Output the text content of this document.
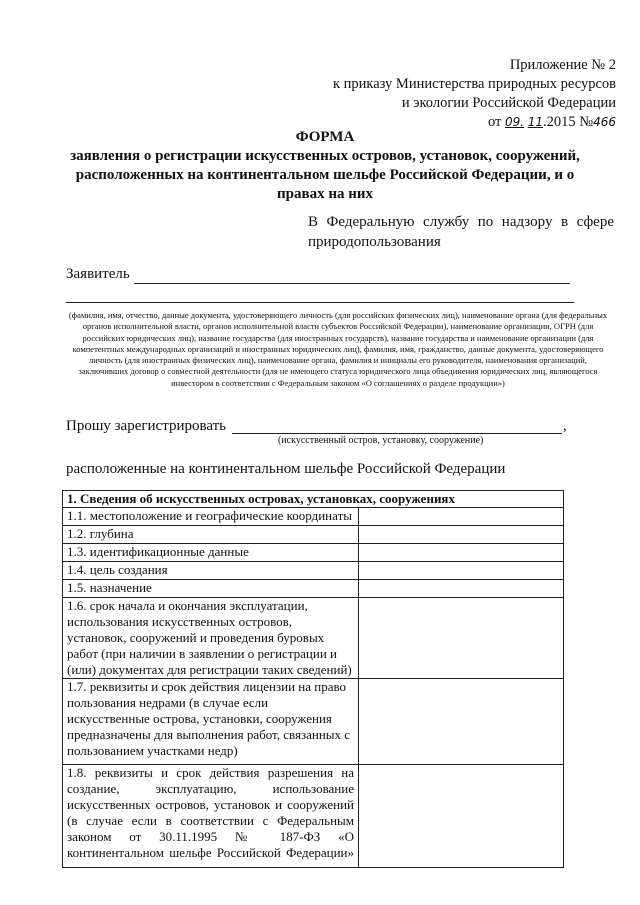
Приложение № 2
к приказу Министерства природных ресурсов
и экологии Российской Федерации
от 09. 11.2015 №466
ФОРМА
заявления о регистрации искусственных островов, установок, сооружений,
расположенных на континентальном шельфе Российской Федерации, и о
правах на них
В Федеральную службу по надзору в сфере природопользования
Заявитель
(фамилия, имя, отчество, данные документа, удостоверяющего личность (для российских физических лиц), наименование органа (для федеральных органов исполнительной власти, органов исполнительной власти субъектов Российской Федерации), наименование организации, ОГРН (для российских юридических лиц), название государства (для иностранных государств), название государства и наименование организации (для компетентных международных организаций и иностранных юридических лиц), фамилия, имя, гражданство, данные документа, удостоверяющего личность (для иностранных физических лиц), наименование органа, фамилия и инициалы его руководителя, наименования организаций, заключивших договор о совместной деятельности (для не имеющего статуса юридического лица объединения юридических лиц, являющегося инвестором в соответствии с Федеральным законом «О соглашениях о разделе продукции»)
Прошу зарегистрировать	,
(искусственный остров, установку, сооружение)
расположенные на континентальном шельфе Российской Федерации
1. Сведения об искусственных островах, установках, сооружениях	
1.1. местоположение и географические координаты	
1.2. глубина	
1.3. идентификационные данные	
1.4. цель создания	
1.5. назначение	
1.6. срок начала и окончания эксплуатации, использования искусственных островов, установок, сооружений и проведения буровых работ (при наличии в заявлении о регистрации и (или) документах для регистрации таких сведений)	
1.7. реквизиты и срок действия лицензии на право пользования недрами (в случае если искусственные острова, установки, сооружения предназначены для выполнения работ, связанных с пользованием участками недр)	
1.8. реквизиты и срок действия разрешения на создание, эксплуатацию, использование искусственных островов, установок и сооружений (в случае если в соответствии с Федеральным законом от 30.11.1995 № 187-ФЗ «О континентальном шельфе Российской Федерации»	
